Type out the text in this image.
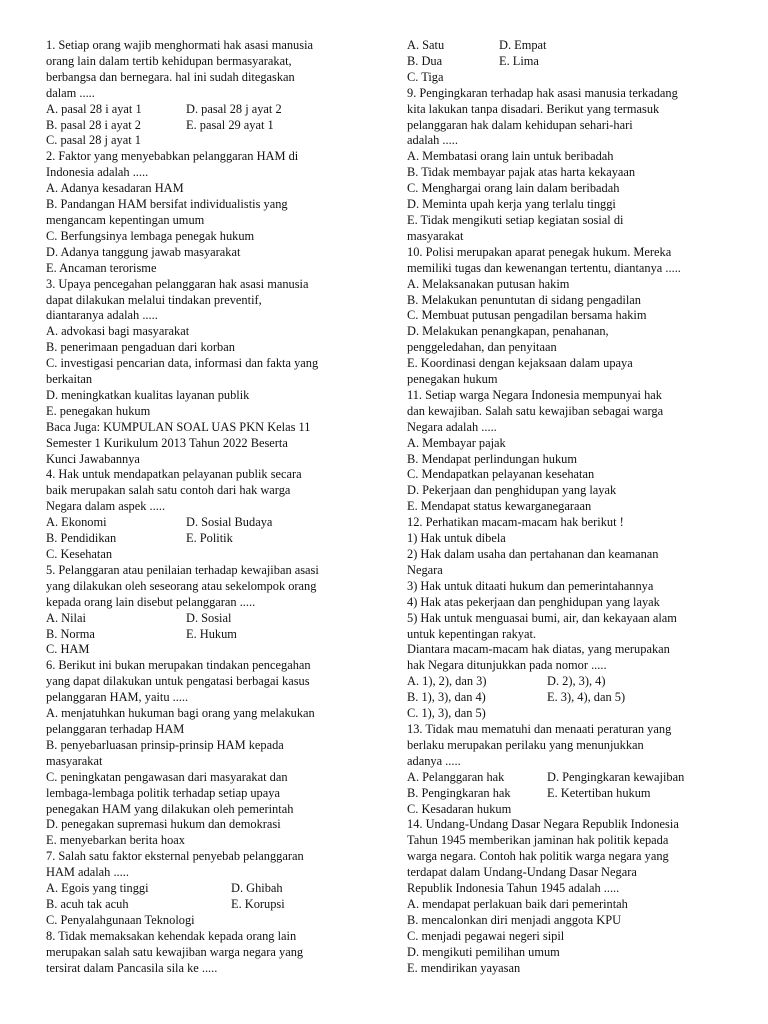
1. Setiap orang wajib menghormati hak asasi manusia
orang lain dalam tertib kehidupan bermasyarakat,
berbangsa dan bernegara. hal ini sudah ditegaskan
dalam .....
A. pasal 28 i ayat 1	D. pasal 28 j ayat 2
B. pasal 28 i ayat 2	E. pasal 29 ayat 1
C. pasal 28 j ayat 1
2. Faktor yang menyebabkan pelanggaran HAM di
Indonesia adalah .....
A. Adanya kesadaran HAM
B. Pandangan HAM bersifat individualistis yang
mengancam kepentingan umum
C. Berfungsinya lembaga penegak hukum
D. Adanya tanggung jawab masyarakat
E. Ancaman terorisme
3. Upaya pencegahan pelanggaran hak asasi manusia
dapat dilakukan melalui tindakan preventif,
diantaranya adalah .....
A. advokasi bagi masyarakat
B. penerimaan pengaduan dari korban
C. investigasi pencarian data, informasi dan fakta yang
berkaitan
D. meningkatkan kualitas layanan publik
E. penegakan hukum
Baca Juga: KUMPULAN SOAL UAS PKN Kelas 11
Semester 1 Kurikulum 2013 Tahun 2022 Beserta
Kunci Jawabannya
4. Hak untuk mendapatkan pelayanan publik secara
baik merupakan salah satu contoh dari hak warga
Negara dalam aspek .....
A. Ekonomi	D. Sosial Budaya
B. Pendidikan	E. Politik
C. Kesehatan
5. Pelanggaran atau penilaian terhadap kewajiban asasi
yang dilakukan oleh seseorang atau sekelompok orang
kepada orang lain disebut pelanggaran .....
A. Nilai	D. Sosial
B. Norma	E. Hukum
C. HAM
6. Berikut ini bukan merupakan tindakan pencegahan
yang dapat dilakukan untuk pengatasi berbagai kasus
pelanggaran HAM, yaitu .....
A. menjatuhkan hukuman bagi orang yang melakukan
pelanggaran terhadap HAM
B. penyebarluasan prinsip-prinsip HAM kepada
masyarakat
C. peningkatan pengawasan dari masyarakat dan
lembaga-lembaga politik terhadap setiap upaya
penegakan HAM yang dilakukan oleh pemerintah
D. penegakan supremasi hukum dan demokrasi
E. menyebarkan berita hoax
7. Salah satu faktor eksternal penyebab pelanggaran
HAM adalah .....
A. Egois yang tinggi	D. Ghibah
B. acuh tak acuh	E. Korupsi
C. Penyalahgunaan Teknologi
8. Tidak memaksakan kehendak kepada orang lain
merupakan salah satu kewajiban warga negara yang
tersirat dalam Pancasila sila ke .....
A. Satu	D. Empat
B. Dua	E. Lima
C. Tiga
9. Pengingkaran terhadap hak asasi manusia terkadang
kita lakukan tanpa disadari. Berikut yang termasuk
pelanggaran hak dalam kehidupan sehari-hari
adalah .....
A. Membatasi orang lain untuk beribadah
B. Tidak membayar pajak atas harta kekayaan
C. Menghargai orang lain dalam beribadah
D. Meminta upah kerja yang terlalu tinggi
E. Tidak mengikuti setiap kegiatan sosial di
masyarakat
10. Polisi merupakan aparat penegak hukum. Mereka
memiliki tugas dan kewenangan tertentu, diantanya .....
A. Melaksanakan putusan hakim
B. Melakukan penuntutan di sidang pengadilan
C. Membuat putusan pengadilan bersama hakim
D. Melakukan penangkapan, penahanan,
penggeledahan, dan penyitaan
E. Koordinasi dengan kejaksaan dalam upaya
penegakan hukum
11. Setiap warga Negara Indonesia mempunyai hak
dan kewajiban. Salah satu kewajiban sebagai warga
Negara adalah .....
A. Membayar pajak
B. Mendapat perlindungan hukum
C. Mendapatkan pelayanan kesehatan
D. Pekerjaan dan penghidupan yang layak
E. Mendapat status kewarganegaraan
12. Perhatikan macam-macam hak berikut !
1) Hak untuk dibela
2) Hak dalam usaha dan pertahanan dan keamanan
Negara
3) Hak untuk ditaati hukum dan pemerintahannya
4) Hak atas pekerjaan dan penghidupan yang layak
5) Hak untuk menguasai bumi, air, dan kekayaan alam
untuk kepentingan rakyat.
Diantara macam-macam hak diatas, yang merupakan
hak Negara ditunjukkan pada nomor .....
A. 1), 2), dan 3)	D. 2), 3), 4)
B. 1), 3), dan 4)	E. 3), 4), dan 5)
C. 1), 3), dan 5)
13. Tidak mau mematuhi dan menaati peraturan yang
berlaku merupakan perilaku yang menunjukkan
adanya .....
A. Pelanggaran hak	D. Pengingkaran kewajiban
B. Pengingkaran hak	E. Ketertiban hukum
C. Kesadaran hukum
14. Undang-Undang Dasar Negara Republik Indonesia
Tahun 1945 memberikan jaminan hak politik kepada
warga negara. Contoh hak politik warga negara yang
terdapat dalam Undang-Undang Dasar Negara
Republik Indonesia Tahun 1945 adalah .....
A. mendapat perlakuan baik dari pemerintah
B. mencalonkan diri menjadi anggota KPU
C. menjadi pegawai negeri sipil
D. mengikuti pemilihan umum
E. mendirikan yayasan
